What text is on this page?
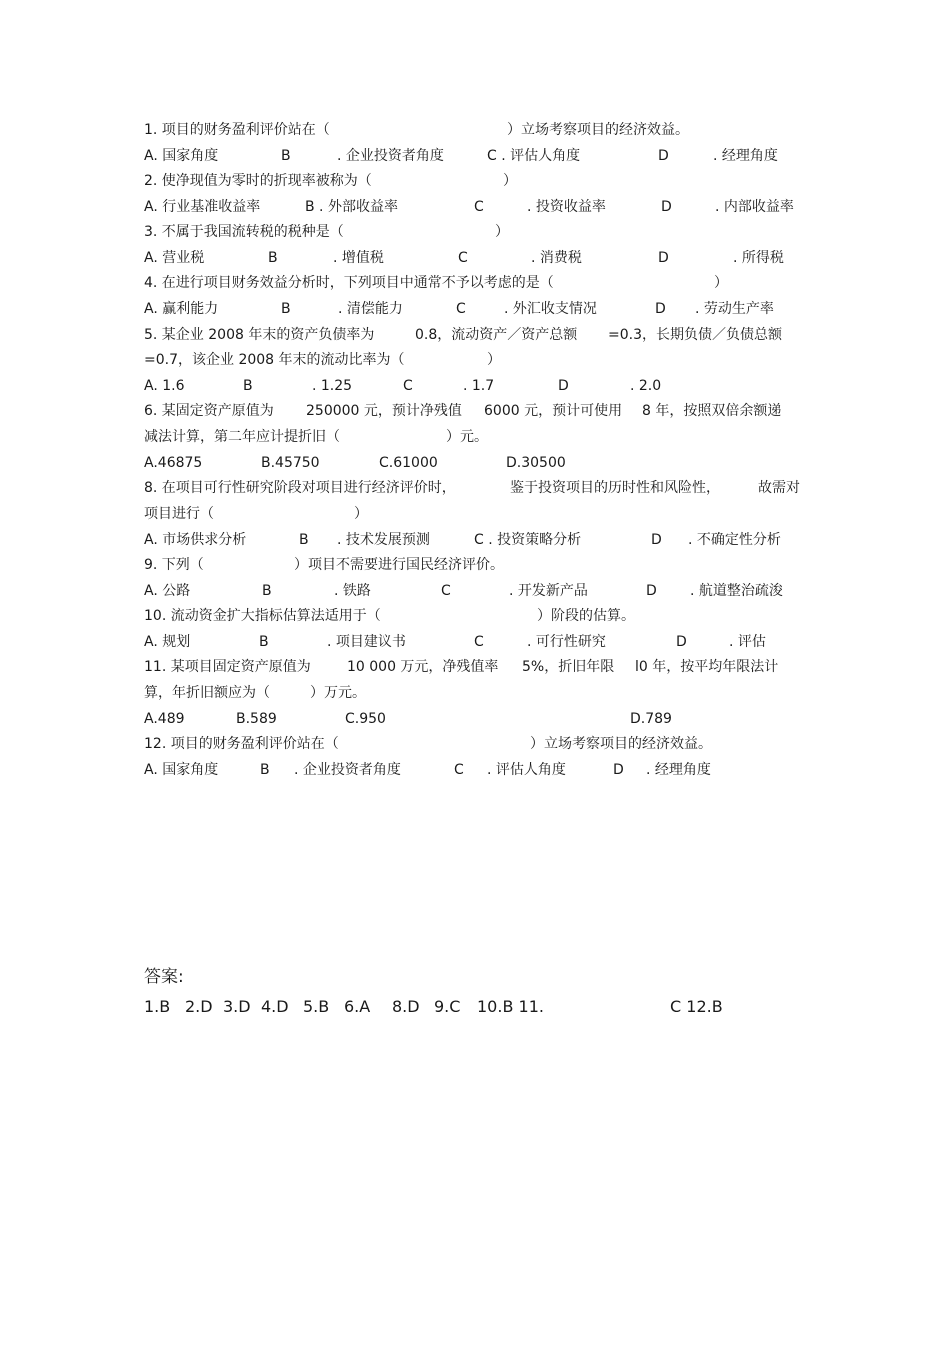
1. 项目的财务盈利评价站在（	）立场考察项目的经济效益。
A. 国家角度	B	. 企业投资者角度	C . 评估人角度	D	. 经理角度
2. 使净现值为零时的折现率被称为（	）
A. 行业基准收益率	B . 外部收益率	C	. 投资收益率	D	. 内部收益率
3. 不属于我国流转税的税种是（	）
A. 营业税	B	. 增值税	C	. 消费税	D	. 所得税
4. 在进行项目财务效益分析时，下列项目中通常不予以考虑的是（	）
A. 赢利能力	B	. 清偿能力	C	. 外汇收支情况	D . 劳动生产率
5. 某企业 2008 年末的资产负债率为	0.8，流动资产／资产总额 =0.3，长期负债／负债总额
=0.7，该企业 2008 年末的流动比率为（	）
A. 1.6	B	. 1.25	C	. 1.7	D	. 2.0
6. 某固定资产原值为 250000 元，预计净残值 6000 元，预计可使用 8 年，按照双倍余额递
减法计算，第二年应计提折旧（	）元。
A.46875	B.45750	C.61000	D.30500
8. 在项目可行性研究阶段对项目进行经济评价时，	鉴于投资项目的历时性和风险性，	故需对
项目进行（	）
A. 市场供求分析	B . 技术发展预测	C . 投资策略分析	D . 不确定性分析
9. 下列（	）项目不需要进行国民经济评价。
A. 公路	B	. 铁路	C	. 开发新产品	D . 航道整治疏浚
10. 流动资金扩大指标估算法适用于（	）阶段的估算。
A. 规划	B	. 项目建议书	C	. 可行性研究	D	. 评估
11. 某项目固定资产原值为	10 000 万元，净残值率 5%，折旧年限 l0 年，按平均年限法计
算，年折旧额应为（	）万元。
A.489	B.589	C.950	D.789
12. 项目的财务盈利评价站在（	）立场考察项目的经济效益。
A. 国家角度	B . 企业投资者角度	C . 评估人角度	D . 经理角度
答案:
1.B 2.D 3.D 4.D 5.B 6.A 8.D 9.C 10.B 11.	C 12.B
